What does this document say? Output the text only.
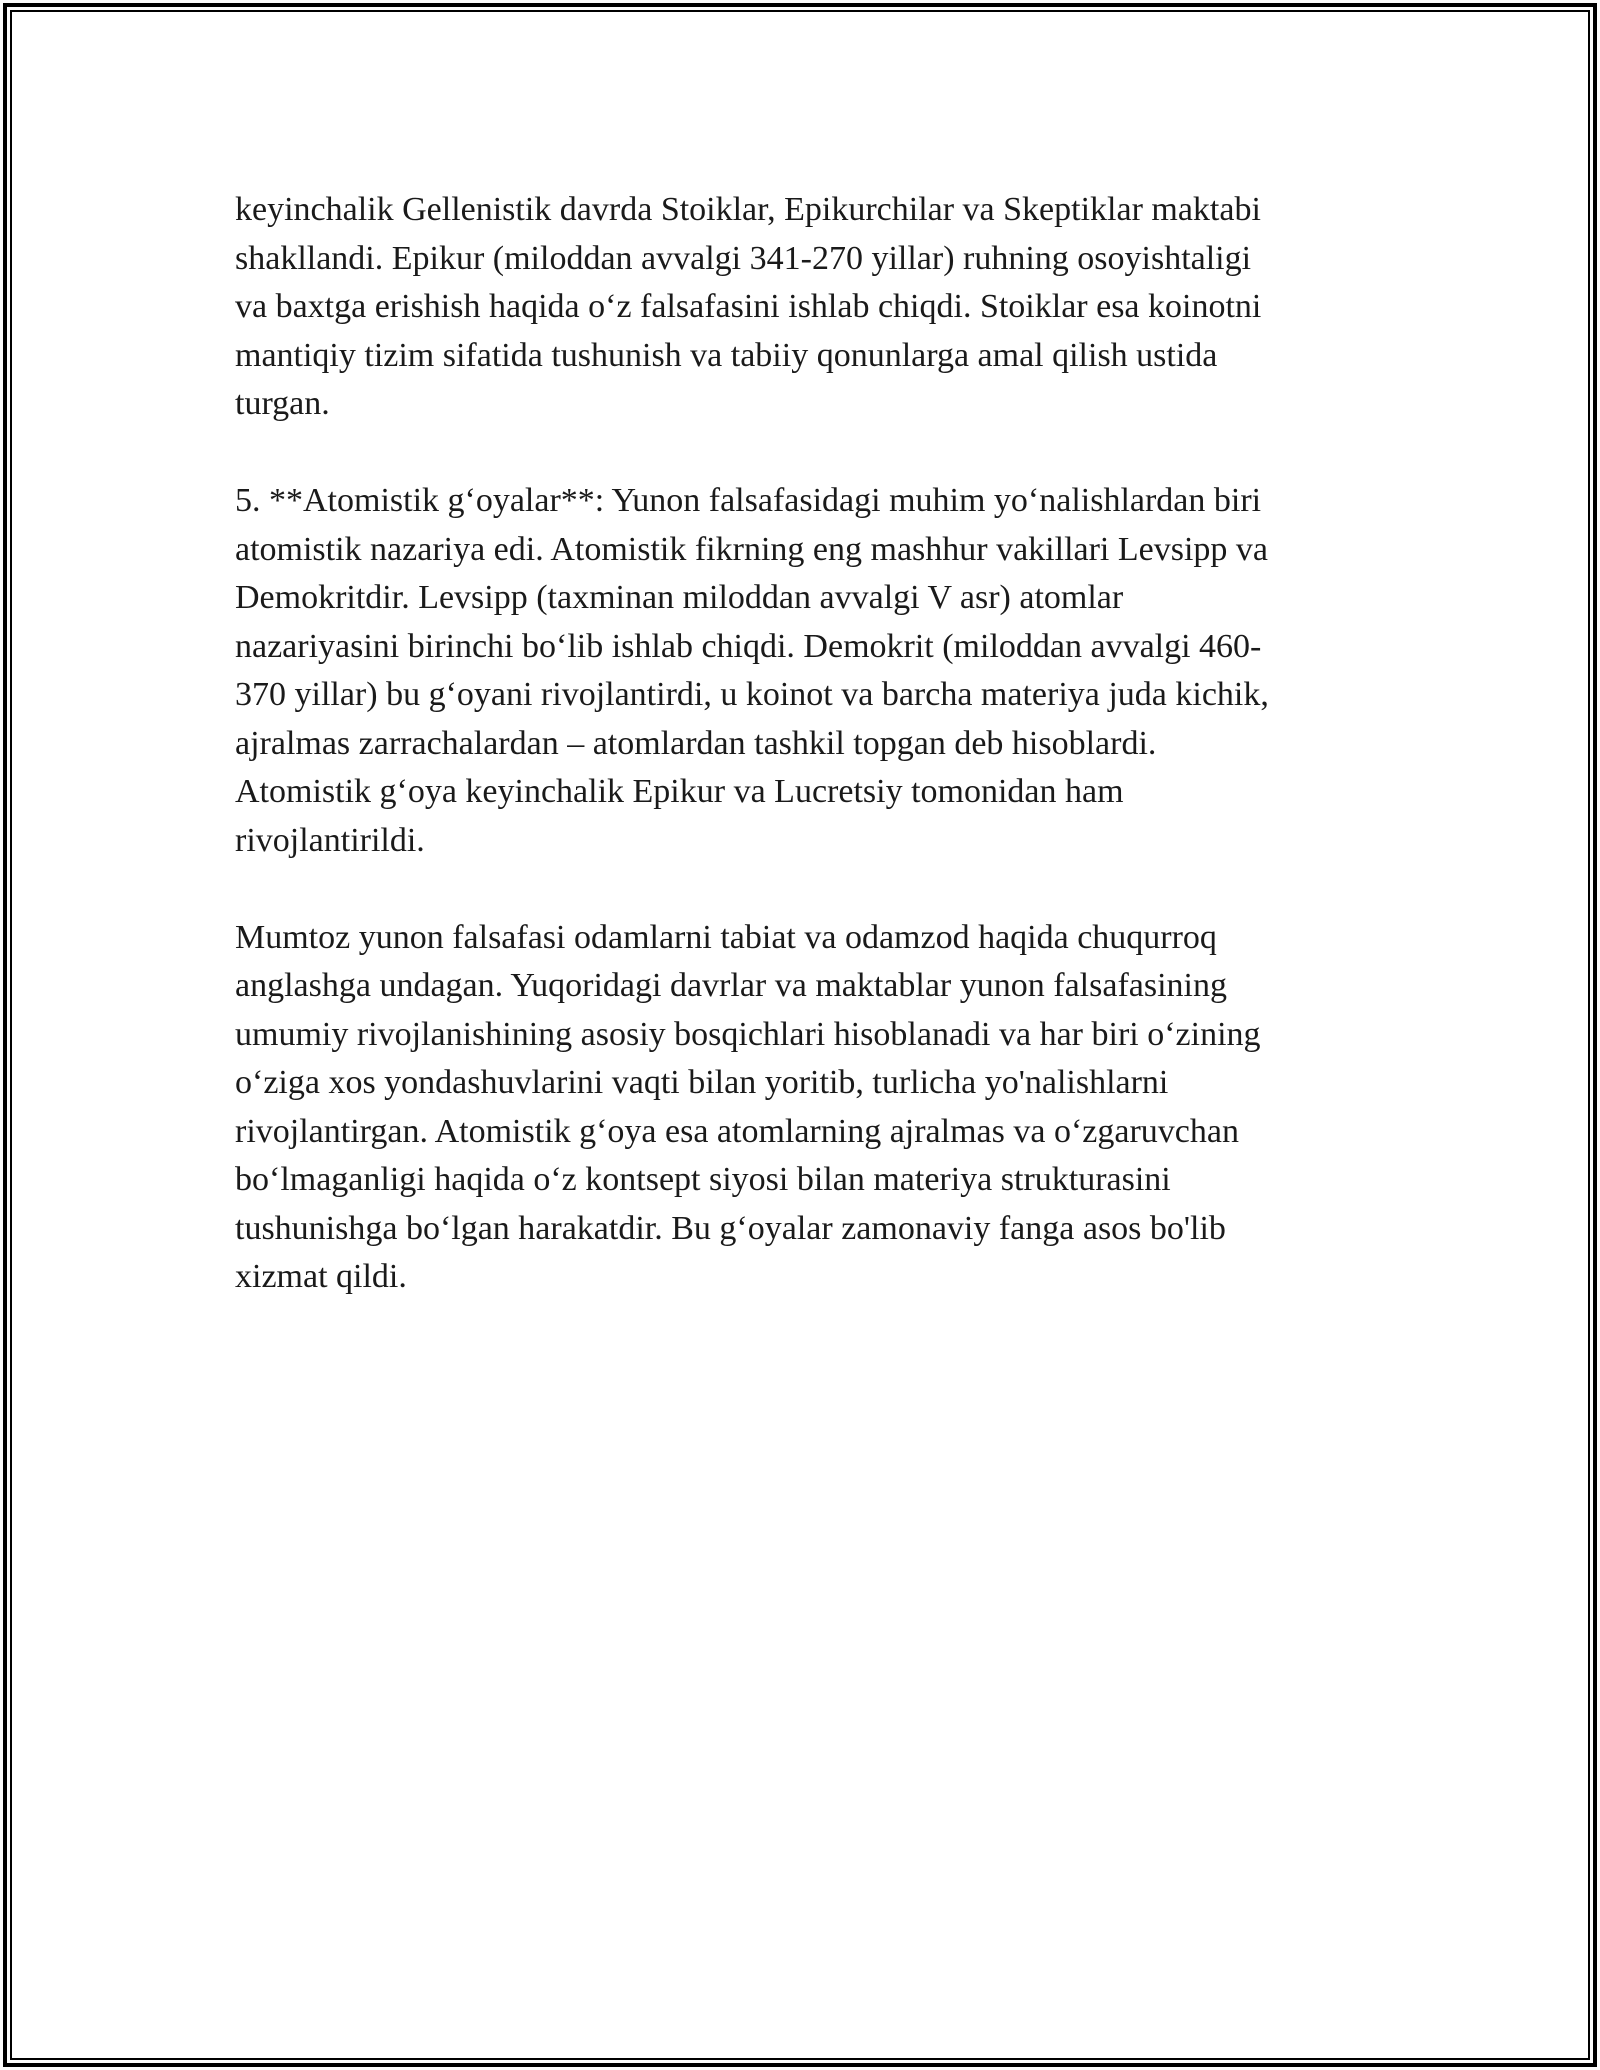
keyinchalik Gellenistik davrda Stoiklar, Epikurchilar va Skeptiklar maktabi
shakllandi. Epikur (miloddan avvalgi 341-270 yillar) ruhning osoyishtaligi
va baxtga erishish haqida o‘z falsafasini ishlab chiqdi. Stoiklar esa koinotni
mantiqiy tizim sifatida tushunish va tabiiy qonunlarga amal qilish ustida
turgan.

5. **Atomistik g‘oyalar**: Yunon falsafasidagi muhim yo‘nalishlardan biri
atomistik nazariya edi. Atomistik fikrning eng mashhur vakillari Levsipp va
Demokritdir. Levsipp (taxminan miloddan avvalgi V asr) atomlar
nazariyasini birinchi bo‘lib ishlab chiqdi. Demokrit (miloddan avvalgi 460-
370 yillar) bu g‘oyani rivojlantirdi, u koinot va barcha materiya juda kichik,
ajralmas zarrachalardan – atomlardan tashkil topgan deb hisoblardi.
Atomistik g‘oya keyinchalik Epikur va Lucretsiy tomonidan ham
rivojlantirildi.

Mumtoz yunon falsafasi odamlarni tabiat va odamzod haqida chuqurroq
anglashga undagan. Yuqoridagi davrlar va maktablar yunon falsafasining
umumiy rivojlanishining asosiy bosqichlari hisoblanadi va har biri o‘zining
o‘ziga xos yondashuvlarini vaqti bilan yoritib, turlicha yo'nalishlarni
rivojlantirgan. Atomistik g‘oya esa atomlarning ajralmas va o‘zgaruvchan
bo‘lmaganligi haqida o‘z kontsept siyosi bilan materiya strukturasini
tushunishga bo‘lgan harakatdir. Bu g‘oyalar zamonaviy fanga asos bo'lib
xizmat qildi.
